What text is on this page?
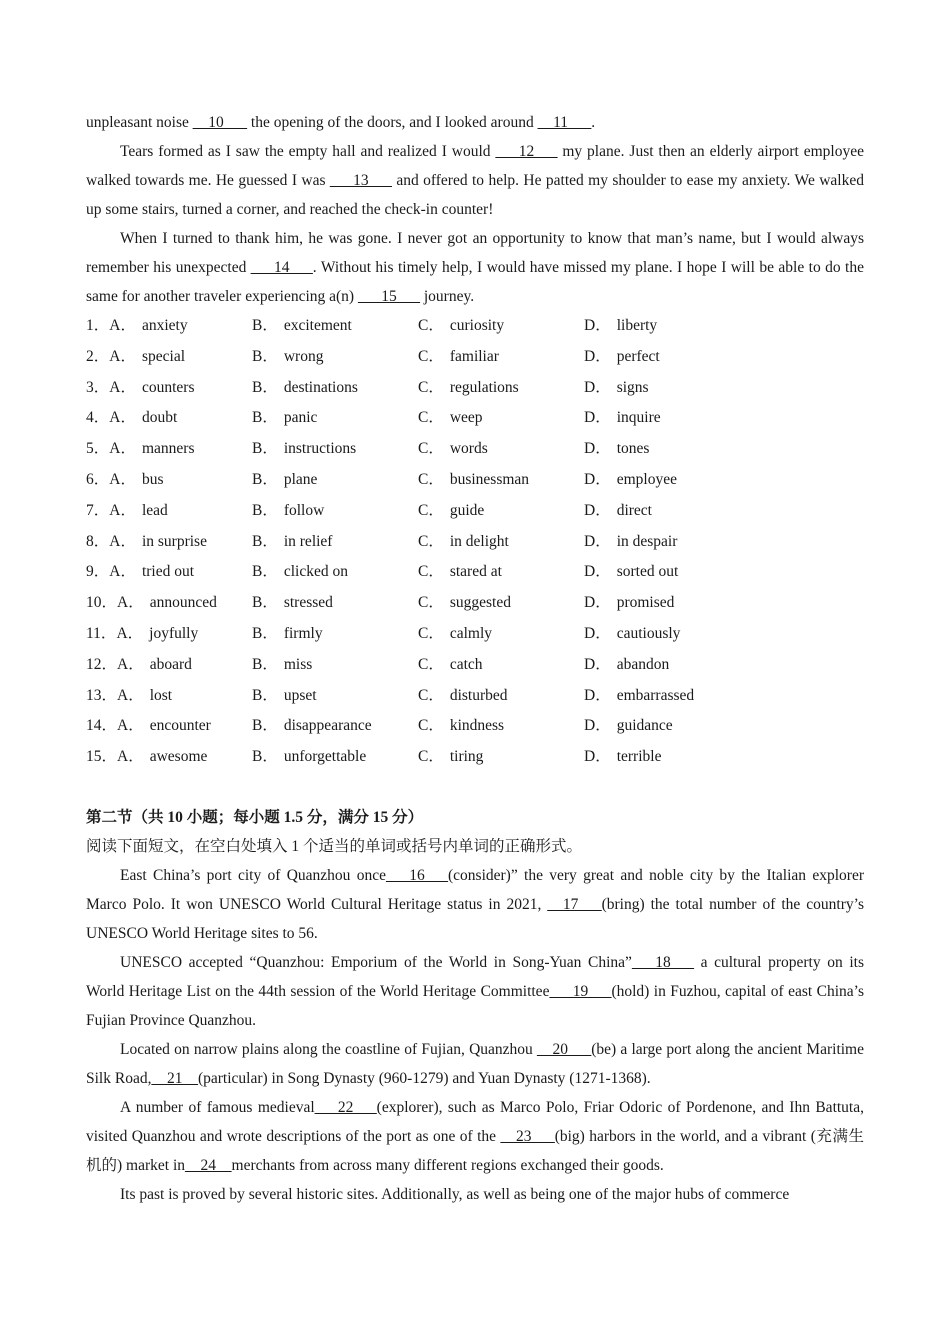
unpleasant noise __10___ the opening of the doors, and I looked around __11___.

Tears formed as I saw the empty hall and realized I would ___12___ my plane. Just then an elderly airport employee walked towards me. He guessed I was ___13___ and offered to help. He patted my shoulder to ease my anxiety. We walked up some stairs, turned a corner, and reached the check-in counter!

When I turned to thank him, he was gone. I never got an opportunity to know that man’s name, but I would always remember his unexpected ___14___. Without his timely help, I would have missed my plane. I hope I will be able to do the same for another traveler experiencing a(n) ___15___ journey.

1．A． anxiety	B． excitement	C． curiosity	D． liberty
2．A． special	B． wrong	C． familiar	D． perfect
3．A． counters	B． destinations	C． regulations	D． signs
4．A． doubt	B． panic	C． weep	D． inquire
5．A． manners	B． instructions	C． words	D． tones
6．A． bus	B． plane	C． businessman	D． employee
7．A． lead	B． follow	C． guide	D． direct
8．A． in surprise	B． in relief	C． in delight	D． in despair
9．A． tried out	B． clicked on	C． stared at	D． sorted out
10．A． announced	B． stressed	C． suggested	D． promised
11．A． joyfully	B． firmly	C． calmly	D． cautiously
12．A． aboard	B． miss	C． catch	D． abandon
13．A． lost	B． upset	C． disturbed	D． embarrassed
14．A． encounter	B． disappearance	C． kindness	D． guidance
15．A． awesome	B． unforgettable	C． tiring	D． terrible
第二节（共 10 小题；每小题 1.5 分，满分 15 分）
阅读下面短文，在空白处填入 1 个适当的单词或括号内单词的正确形式。

East China’s port city of Quanzhou once___16___(consider)” the very great and noble city by the Italian explorer Marco Polo. It won UNESCO World Cultural Heritage status in 2021, __17___(bring) the total number of the country’s UNESCO World Heritage sites to 56.

UNESCO accepted “Quanzhou: Emporium of the World in Song-Yuan China”___18___ a cultural property on its World Heritage List on the 44th session of the World Heritage Committee___19___(hold) in Fuzhou, capital of east China’s Fujian Province Quanzhou.

Located on narrow plains along the coastline of Fujian, Quanzhou __20___(be) a large port along the ancient Maritime Silk Road,__21__(particular) in Song Dynasty (960-1279) and Yuan Dynasty (1271-1368).

A number of famous medieval___22___(explorer), such as Marco Polo, Friar Odoric of Pordenone, and Ihn Battuta, visited Quanzhou and wrote descriptions of the port as one of the __23___(big) harbors in the world, and a vibrant (充满生机的) market in__24__merchants from across many different regions exchanged their goods.

Its past is proved by several historic sites. Additionally, as well as being one of the major hubs of commerce
